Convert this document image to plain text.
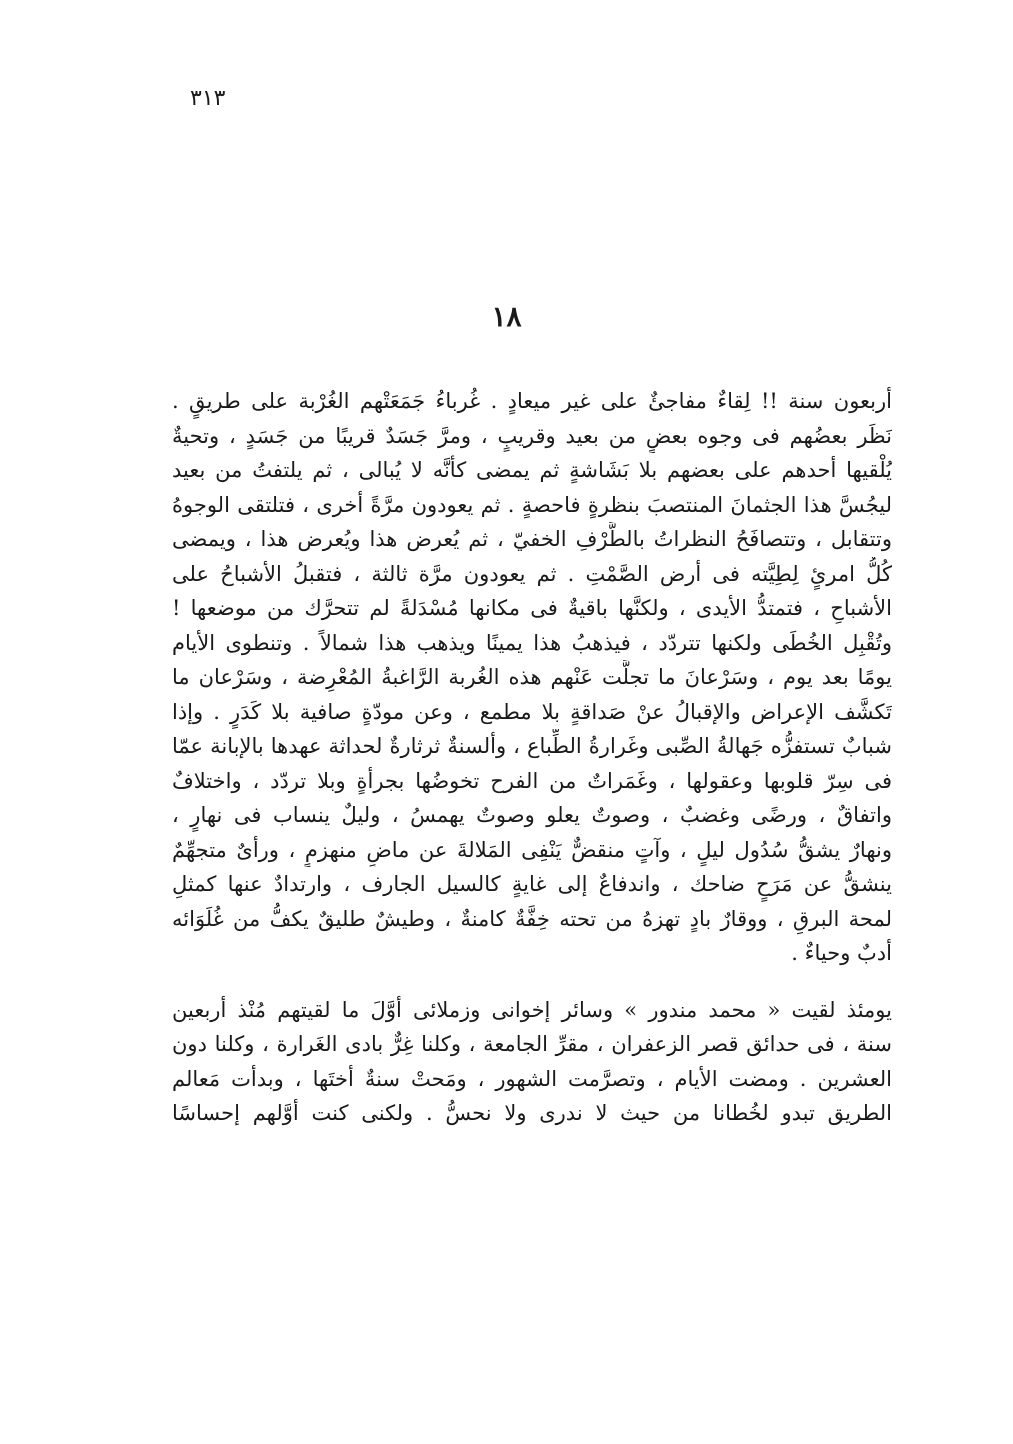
٣١٣
١٨

أربعون سنة !! لِقاءٌ مفاجئٌ على غير ميعادٍ . غُرباءُ جَمَعَتْهم الغُرْبة على طريقٍ .
نَظَر بعضُهم فى وجوه بعضٍ من بعيد وقريبٍ ، ومرَّ جَسَدٌ قريبًا من جَسَدٍ ، وتحيةٌ
يُلْقيها أحدهم على بعضهم بلا بَشَاشةٍ ثم يمضى كأنَّه لا يُبالى ، ثم يلتفتُ من بعيد
ليجُسَّ هذا الجثمانَ المنتصبَ بنظرةٍ فاحصةٍ . ثم يعودون مرَّةً أخرى ، فتلتقى الوجوهُ
وتتقابل ، وتتصافَحُ النظراتُ بالطَّرْفِ الخفيّ ، ثم يُعرض هذا ويُعرض هذا ، ويمضى
كُلُّ امرئٍ لِطِيَّته فى أرض الصَّمْتِ . ثم يعودون مرَّة ثالثة ، فتقبلُ الأشباحُ على
الأشباحِ ، فتمتدُّ الأيدى ، ولكنَّها باقيةٌ فى مكانها مُسْدَلةً لم تتحرَّك من موضعها !
وتُقْبِل الخُطَى ولكنها تتردّد ، فيذهبُ هذا يمينًا ويذهب هذا شمالاً . وتنطوى الأيام
يومًا بعد يوم ، وسَرْعانَ ما تجلَّت عَنْهم هذه الغُربة الرَّاغبةُ المُعْرِضة ، وسَرْعان ما
تَكشَّف الإعراض والإقبالُ عنْ صَداقةٍ بلا مطمع ، وعن مودّةٍ صافية بلا كَدَرٍ . وإذا
شبابٌ تستفزُّه جَهالةُ الصِّبى وغَرارةُ الطِّباع ، وألسنةٌ ثرثارةٌ لحداثة عهدها بالإبانة عمّا
فى سِرّ قلوبها وعقولها ، وغَمَراتٌ من الفرح تخوضُها بجرأةٍ وبلا تردّد ، واختلافٌ
واتفاقٌ ، ورضًى وغضبٌ ، وصوتٌ يعلو وصوتٌ يهمسُ ، وليلٌ ينساب فى نهارٍ ،
ونهارٌ يشقُّ سُدُول ليلٍ ، وآتٍ منقضٌّ يَنْفِى المَلالةَ عن ماضٍ منهزمٍ ، ورأىٌ متجهِّمٌ
ينشقُّ عن مَرَحٍ ضاحك ، واندفاعٌ إلى غايةٍ كالسيل الجارف ، وارتدادٌ عنها كمثلِ
لمحة البرقِ ، ووقارٌ بادٍ تهزهُ من تحته خِفَّةٌ كامنةٌ ، وطيشٌ طليقٌ يكفُّ من غُلَوَائه
أدبٌ وحياءٌ .

يومئذ لقيت « محمد مندور » وسائر إخوانى وزملائى أوَّلَ ما لقيتهم مُنْذ أربعين
سنة ، فى حدائق قصر الزعفران ، مقرِّ الجامعة ، وكلنا غِرٌّ بادى الغَرارة ، وكلنا دون
العشرين . ومضت الأيام ، وتصرَّمت الشهور ، ومَحتْ سنةٌ أختَها ، وبدأت مَعالم
الطريق تبدو لخُطانا من حيث لا ندرى ولا نحسُّ . ولكنى كنت أوَّلهم إحساسًا
